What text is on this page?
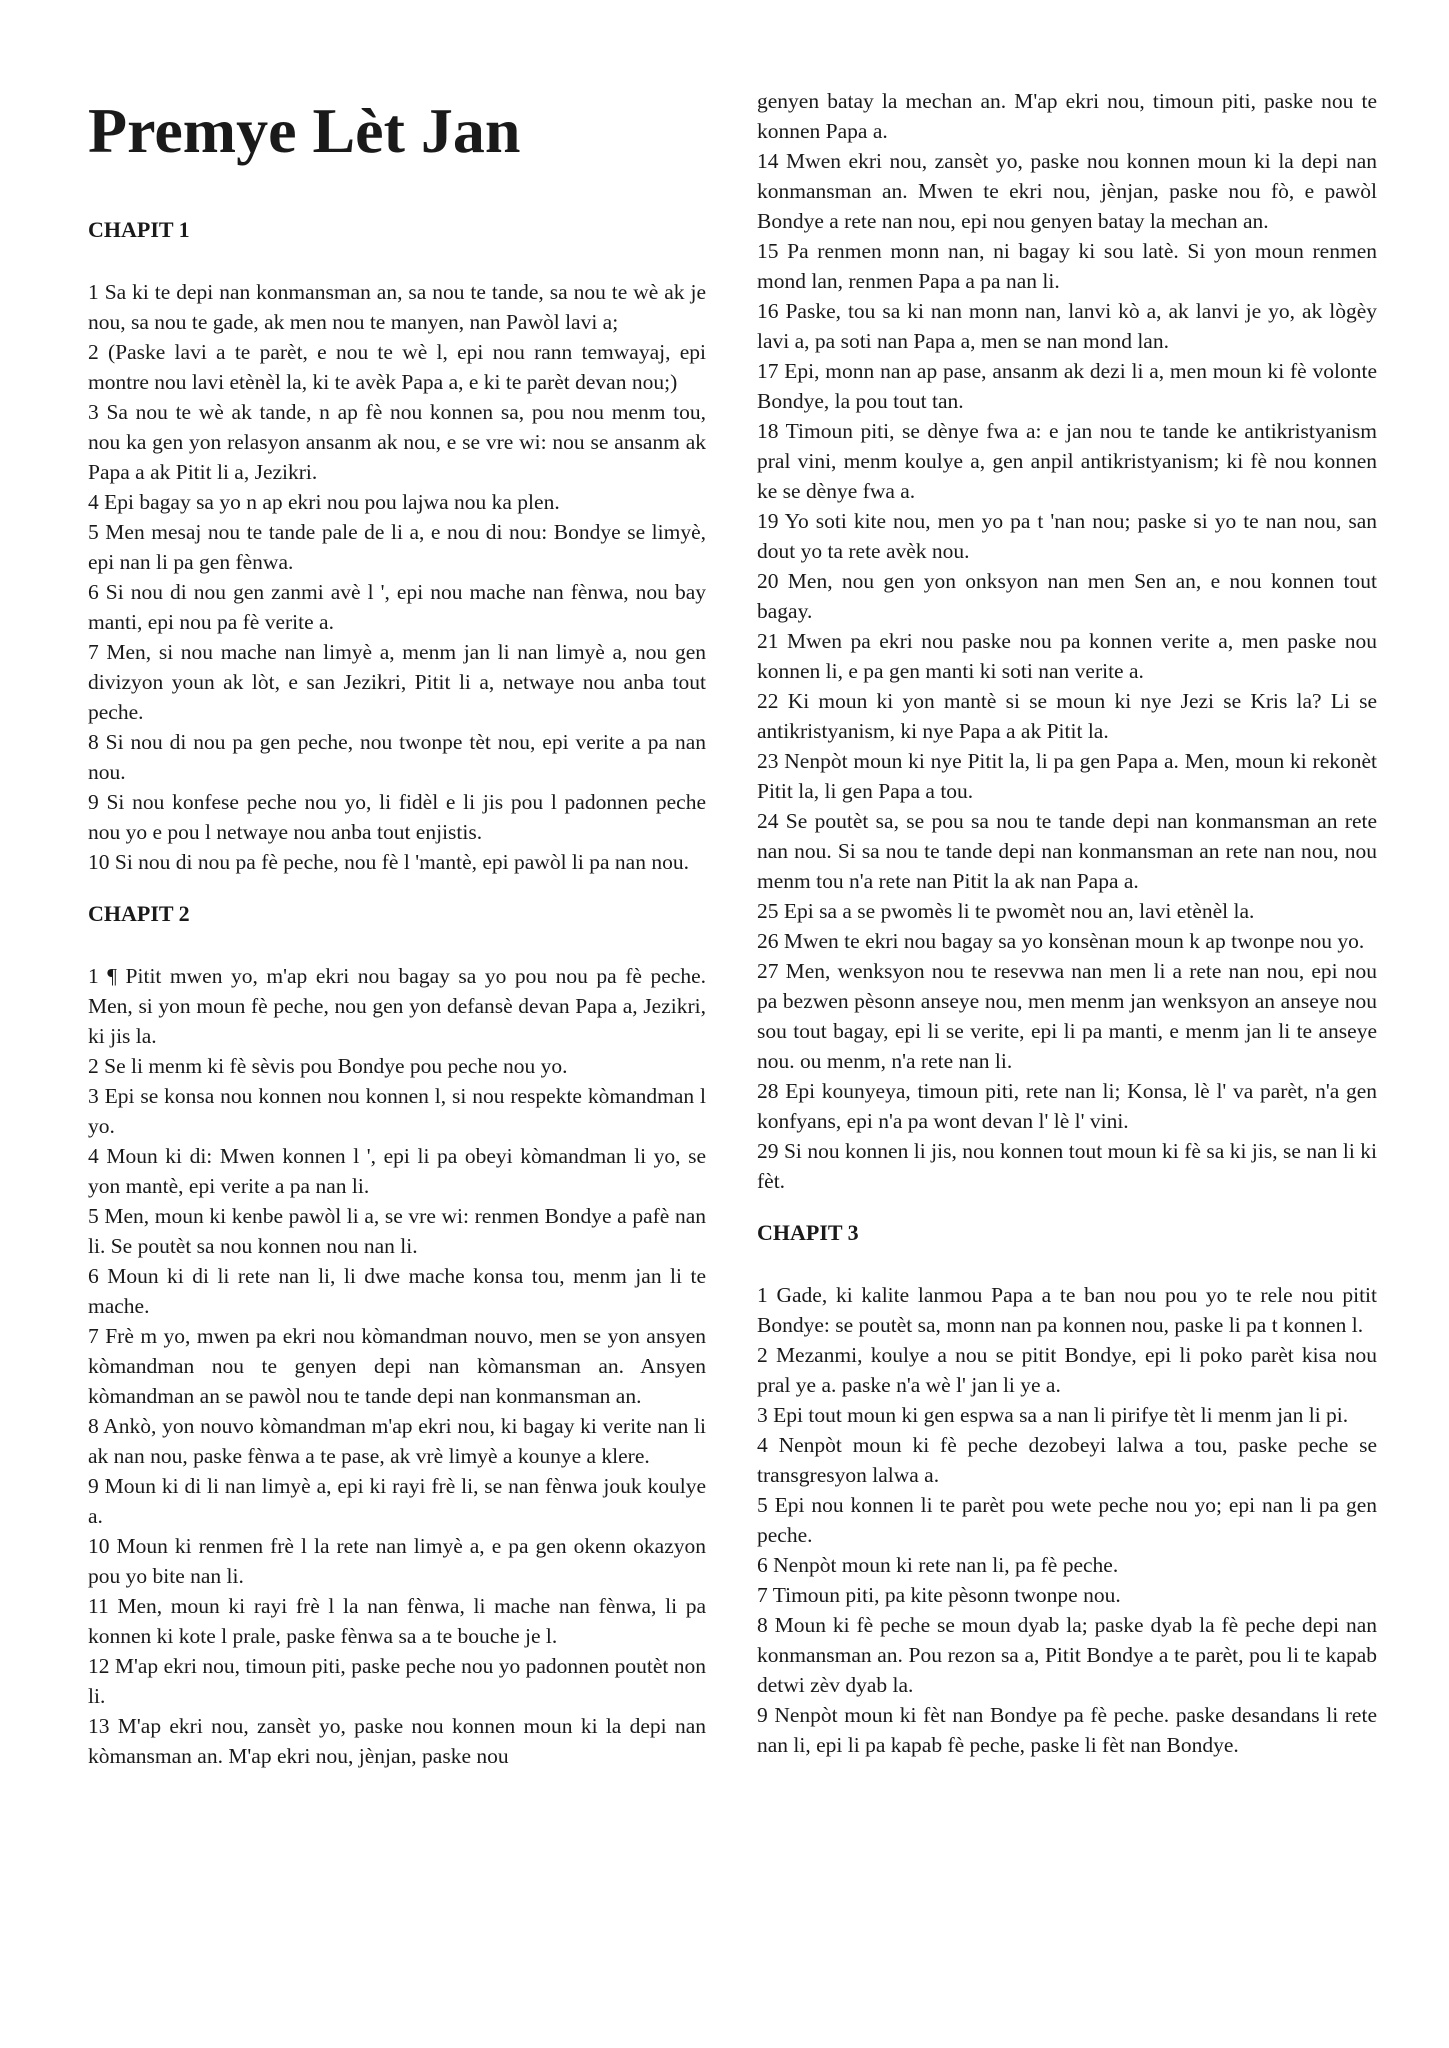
Premye Lèt Jan
CHAPIT 1

1 Sa ki te depi nan konmansman an, sa nou te tande, sa nou te wè ak je nou, sa nou te gade, ak men nou te manyen, nan Pawòl lavi a;

2 (Paske lavi a te parèt, e nou te wè l, epi nou rann temwayaj, epi montre nou lavi etènèl la, ki te avèk Papa a, e ki te parèt devan nou;)

3 Sa nou te wè ak tande, n ap fè nou konnen sa, pou nou menm tou, nou ka gen yon relasyon ansanm ak nou, e se vre wi: nou se ansanm ak Papa a ak Pitit li a, Jezikri.

4 Epi bagay sa yo n ap ekri nou pou lajwa nou ka plen.

5 Men mesaj nou te tande pale de li a, e nou di nou: Bondye se limyè, epi nan li pa gen fènwa.

6 Si nou di nou gen zanmi avè l ', epi nou mache nan fènwa, nou bay manti, epi nou pa fè verite a.

7 Men, si nou mache nan limyè a, menm jan li nan limyè a, nou gen divizyon youn ak lòt, e san Jezikri, Pitit li a, netwaye nou anba tout peche.

8 Si nou di nou pa gen peche, nou twonpe tèt nou, epi verite a pa nan nou.

9 Si nou konfese peche nou yo, li fidèl e li jis pou l padonnen peche nou yo e pou l netwaye nou anba tout enjistis.

10 Si nou di nou pa fè peche, nou fè l 'mantè, epi pawòl li pa nan nou.

CHAPIT 2

1 ¶ Pitit mwen yo, m'ap ekri nou bagay sa yo pou nou pa fè peche. Men, si yon moun fè peche, nou gen yon defansè devan Papa a, Jezikri, ki jis la.

2 Se li menm ki fè sèvis pou Bondye pou peche nou yo.

3 Epi se konsa nou konnen nou konnen l, si nou respekte kòmandman l yo.

4 Moun ki di: Mwen konnen l ', epi li pa obeyi kòmandman li yo, se yon mantè, epi verite a pa nan li.

5 Men, moun ki kenbe pawòl li a, se vre wi: renmen Bondye a pafè nan li. Se poutèt sa nou konnen nou nan li.

6 Moun ki di li rete nan li, li dwe mache konsa tou, menm jan li te mache.

7 Frè m yo, mwen pa ekri nou kòmandman nouvo, men se yon ansyen kòmandman nou te genyen depi nan kòmansman an. Ansyen kòmandman an se pawòl nou te tande depi nan konmansman an.

8 Ankò, yon nouvo kòmandman m'ap ekri nou, ki bagay ki verite nan li ak nan nou, paske fènwa a te pase, ak vrè limyè a kounye a klere.

9 Moun ki di li nan limyè a, epi ki rayi frè li, se nan fènwa jouk koulye a.

10 Moun ki renmen frè l la rete nan limyè a, e pa gen okenn okazyon pou yo bite nan li.

11 Men, moun ki rayi frè l la nan fènwa, li mache nan fènwa, li pa konnen ki kote l prale, paske fènwa sa a te bouche je l.

12 M'ap ekri nou, timoun piti, paske peche nou yo padonnen poutèt non li.

13 M'ap ekri nou, zansèt yo, paske nou konnen moun ki la depi nan kòmansman an. M'ap ekri nou, jènjan, paske nou

genyen batay la mechan an. M'ap ekri nou, timoun piti, paske nou te konnen Papa a.

14 Mwen ekri nou, zansèt yo, paske nou konnen moun ki la depi nan konmansman an. Mwen te ekri nou, jènjan, paske nou fò, e pawòl Bondye a rete nan nou, epi nou genyen batay la mechan an.

15 Pa renmen monn nan, ni bagay ki sou latè. Si yon moun renmen mond lan, renmen Papa a pa nan li.

16 Paske, tou sa ki nan monn nan, lanvi kò a, ak lanvi je yo, ak lògèy lavi a, pa soti nan Papa a, men se nan mond lan.

17 Epi, monn nan ap pase, ansanm ak dezi li a, men moun ki fè volonte Bondye, la pou tout tan.

18 Timoun piti, se dènye fwa a: e jan nou te tande ke antikristyanism pral vini, menm koulye a, gen anpil antikristyanism; ki fè nou konnen ke se dènye fwa a.

19 Yo soti kite nou, men yo pa t 'nan nou; paske si yo te nan nou, san dout yo ta rete avèk nou.

20 Men, nou gen yon onksyon nan men Sen an, e nou konnen tout bagay.

21 Mwen pa ekri nou paske nou pa konnen verite a, men paske nou konnen li, e pa gen manti ki soti nan verite a.

22 Ki moun ki yon mantè si se moun ki nye Jezi se Kris la? Li se antikristyanism, ki nye Papa a ak Pitit la.

23 Nenpòt moun ki nye Pitit la, li pa gen Papa a. Men, moun ki rekonèt Pitit la, li gen Papa a tou.

24 Se poutèt sa, se pou sa nou te tande depi nan konmansman an rete nan nou. Si sa nou te tande depi nan konmansman an rete nan nou, nou menm tou n'a rete nan Pitit la ak nan Papa a.

25 Epi sa a se pwomès li te pwomèt nou an, lavi etènèl la.

26 Mwen te ekri nou bagay sa yo konsènan moun k ap twonpe nou yo.

27 Men, wenksyon nou te resevwa nan men li a rete nan nou, epi nou pa bezwen pèsonn anseye nou, men menm jan wenksyon an anseye nou sou tout bagay, epi li se verite, epi li pa manti, e menm jan li te anseye nou. ou menm, n'a rete nan li.

28 Epi kounyeya, timoun piti, rete nan li; Konsa, lè l' va parèt, n'a gen konfyans, epi n'a pa wont devan l' lè l' vini.

29 Si nou konnen li jis, nou konnen tout moun ki fè sa ki jis, se nan li ki fèt.

CHAPIT 3

1 Gade, ki kalite lanmou Papa a te ban nou pou yo te rele nou pitit Bondye: se poutèt sa, monn nan pa konnen nou, paske li pa t konnen l.

2 Mezanmi, koulye a nou se pitit Bondye, epi li poko parèt kisa nou pral ye a. paske n'a wè l' jan li ye a.

3 Epi tout moun ki gen espwa sa a nan li pirifye tèt li menm jan li pi.

4 Nenpòt moun ki fè peche dezobeyi lalwa a tou, paske peche se transgresyon lalwa a.

5 Epi nou konnen li te parèt pou wete peche nou yo; epi nan li pa gen peche.

6 Nenpòt moun ki rete nan li, pa fè peche.

7 Timoun piti, pa kite pèsonn twonpe nou.

8 Moun ki fè peche se moun dyab la; paske dyab la fè peche depi nan konmansman an. Pou rezon sa a, Pitit Bondye a te parèt, pou li te kapab detwi zèv dyab la.

9 Nenpòt moun ki fèt nan Bondye pa fè peche. paske desandans li rete nan li, epi li pa kapab fè peche, paske li fèt nan Bondye.
